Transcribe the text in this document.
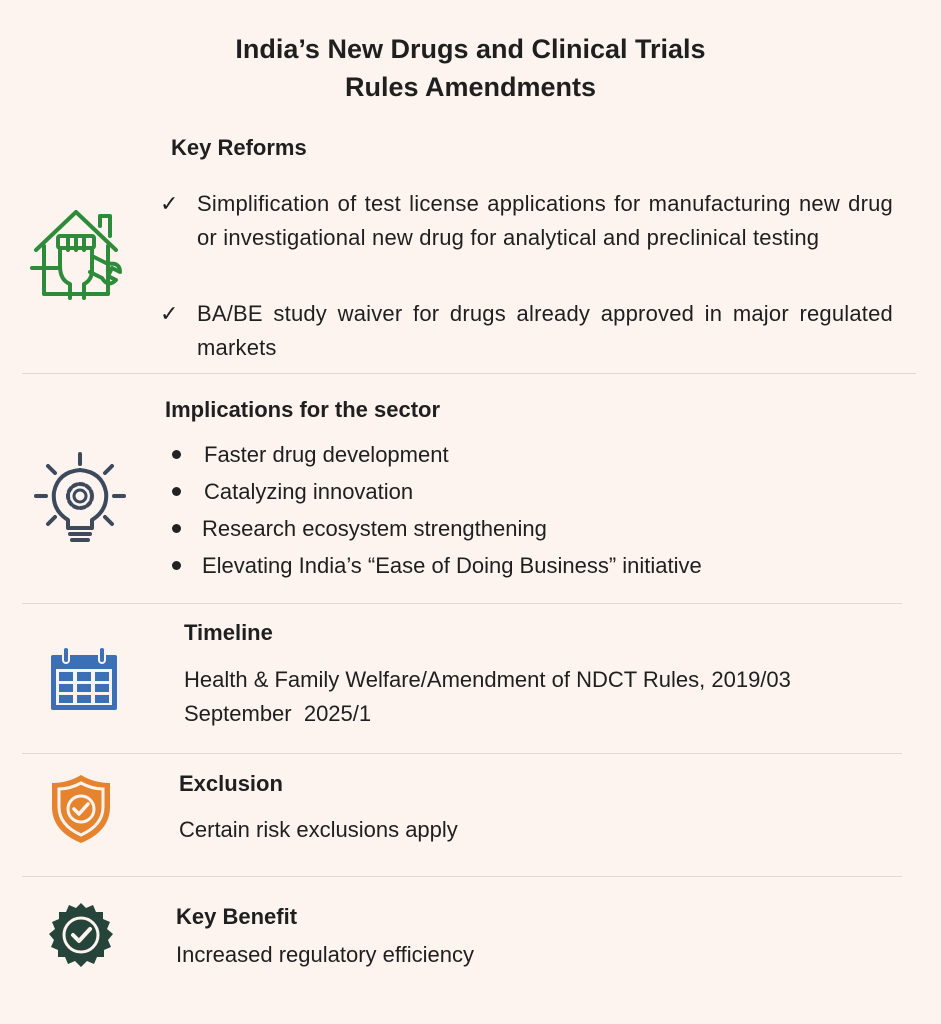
India’s New Drugs and Clinical Trials
Rules Amendments
Key Reforms
✓ Simplification of test license applications for manufacturing new drug or investigational new drug for analytical and preclinical testing
✓ BA/BE study waiver for drugs already approved in major regulated markets
Implications for the sector
Faster drug development
Catalyzing innovation
Research ecosystem strengthening
Elevating India’s “Ease of Doing Business” initiative
Timeline
Health & Family Welfare/Amendment of NDCT Rules, 2019/03
September  2025/1
Exclusion
Certain risk exclusions apply
Key Benefit
Increased regulatory efficiency
